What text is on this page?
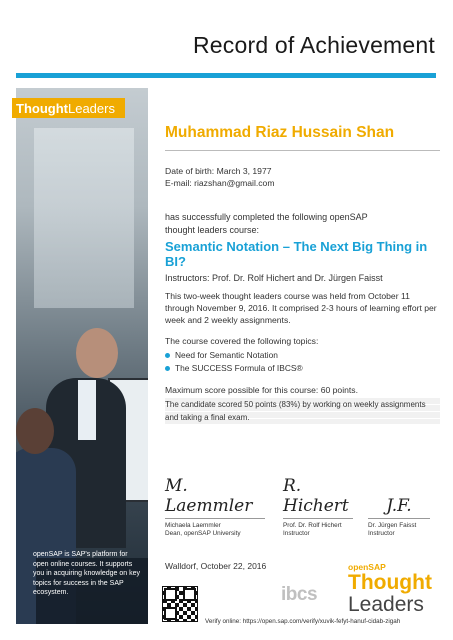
Record of Achievement
openSAP is SAP's platform for open online courses. It supports you in acquiring knowledge on key topics for success in the SAP ecosystem.
Thought Leaders
Muhammad Riaz Hussain Shan
Date of birth: March 3, 1977
E-mail: riazshan@gmail.com
has successfully completed the following openSAP
thought leaders course:
Semantic Notation – The Next Big Thing in BI?
Instructors: Prof. Dr. Rolf Hichert and Dr. Jürgen Faisst
This two-week thought leaders course was held from October 11 through November 9, 2016. It comprised 2-3 hours of learning effort per week and 2 weekly assignments.
The course covered the following topics:
Need for Semantic Notation
The SUCCESS Formula of IBCS®
Maximum score possible for this course: 60 points.
The candidate scored 50 points (83%) by working on weekly assignments and taking a final exam.
M. Laemmler
Michaela Laemmler
Dean, openSAP University
R. Hichert
Prof. Dr. Rolf Hichert
Instructor
J.F.
Dr. Jürgen Faisst
Instructor
Walldorf, October 22, 2016
ibcs
openSAP
Thought
Leaders
Verify online: https://open.sap.com/verify/xuvik-fefyt-hanuf-cidab-zigah
